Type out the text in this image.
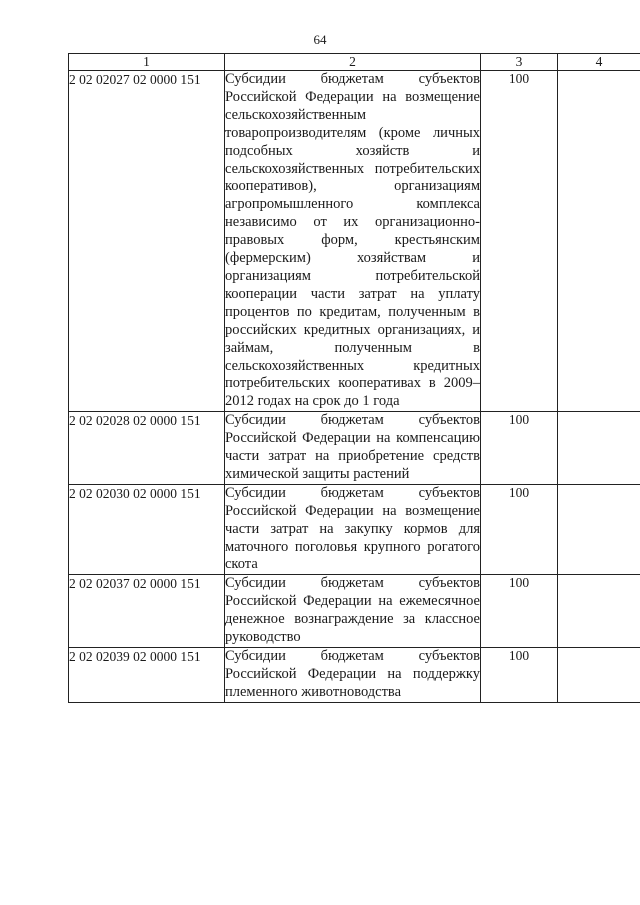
64
1	2	3	4
2 02 02027 02 0000 151	Субсидии бюджетам субъектов Российской Федерации на возмещение сельскохозяйственным товаропроизводителям (кроме личных подсобных хозяйств и сельскохозяйственных потребительских кооперативов), организациям агропромышленного комплекса независимо от их организационно-правовых форм, крестьянским (фермерским) хозяйствам и организациям потребительской кооперации части затрат на уплату процентов по кредитам, полученным в российских кредитных организациях, и займам, полученным в сельскохозяйственных кредитных потребительских кооперативах в 2009–2012 годах на срок до 1 года	100	
2 02 02028 02 0000 151	Субсидии бюджетам субъектов Российской Федерации на компенсацию части затрат на приобретение средств химической защиты растений	100	
2 02 02030 02 0000 151	Субсидии бюджетам субъектов Российской Федерации на возмещение части затрат на закупку кормов для маточного поголовья крупного рогатого скота	100	
2 02 02037 02 0000 151	Субсидии бюджетам субъектов Российской Федерации на ежемесячное денежное вознаграждение за классное руководство	100	
2 02 02039 02 0000 151	Субсидии бюджетам субъектов Российской Федерации на поддержку племенного животноводства	100	
